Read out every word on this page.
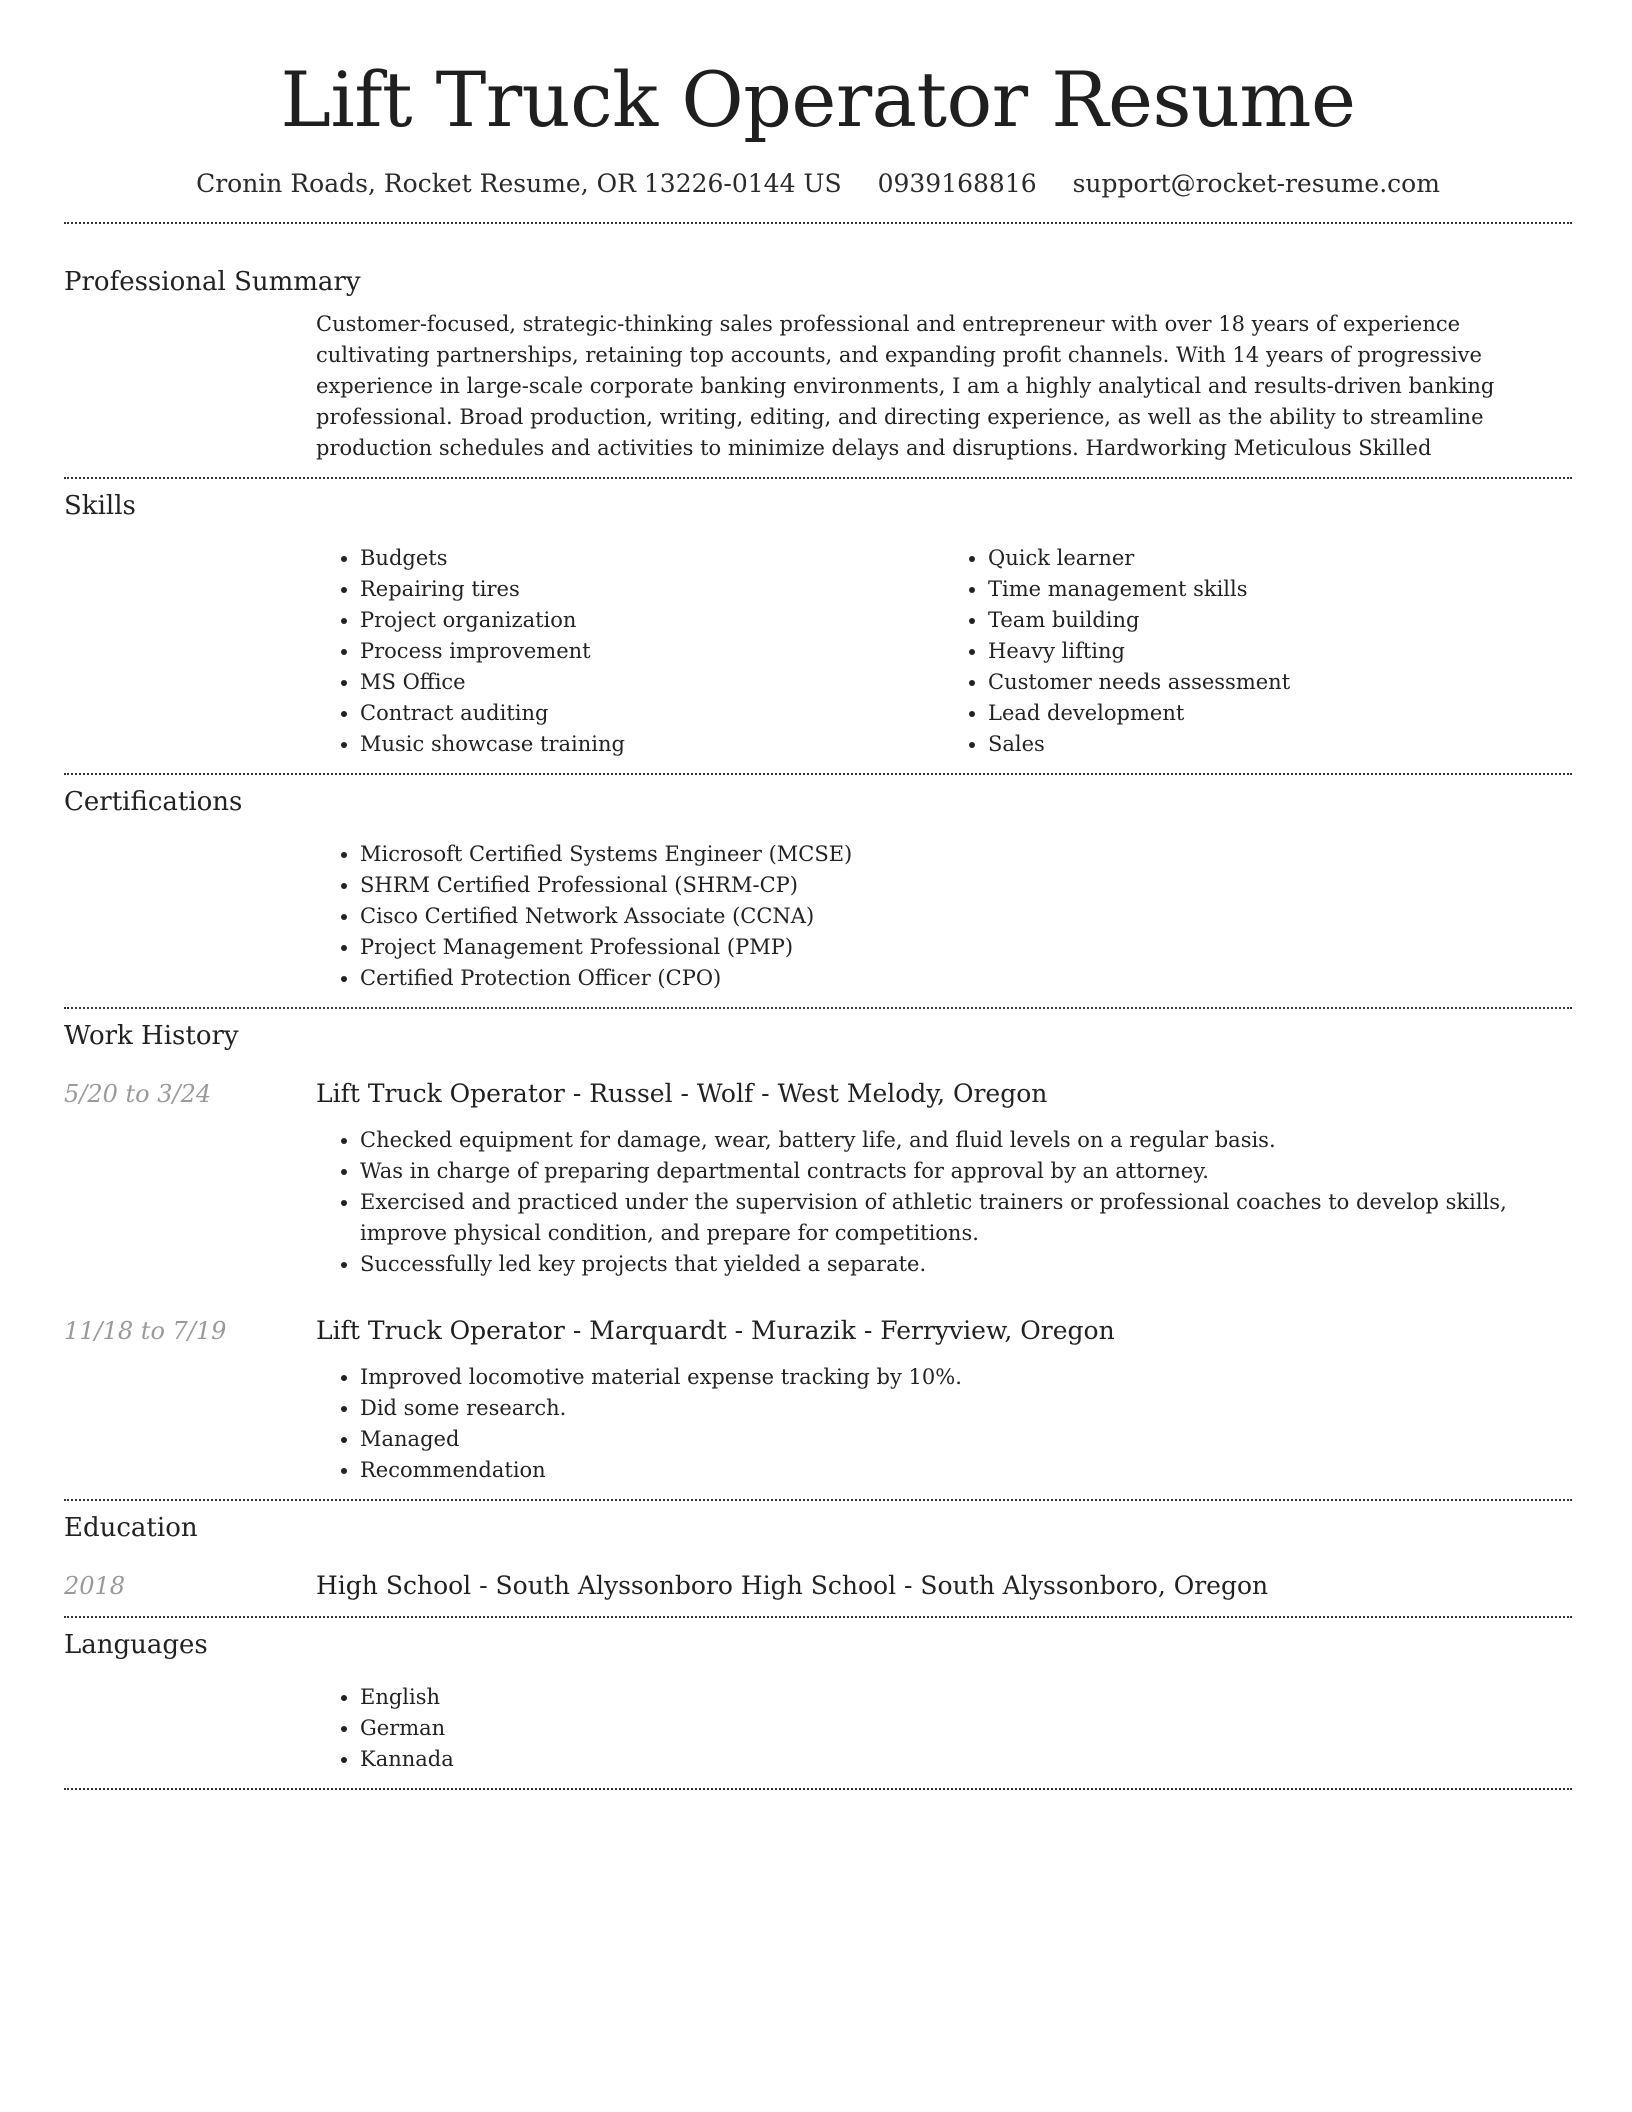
Lift Truck Operator Resume
Cronin Roads, Rocket Resume, OR 13226-0144 US 0939168816 support@rocket-resume.com
Professional Summary

Customer-focused, strategic-thinking sales professional and entrepreneur with over 18 years of experience cultivating partnerships, retaining top accounts, and expanding profit channels. With 14 years of progressive experience in large-scale corporate banking environments, I am a highly analytical and results-driven banking professional. Broad production, writing, editing, and directing experience, as well as the ability to streamline production schedules and activities to minimize delays and disruptions. Hardworking Meticulous Skilled

Skills
• Budgets
• Repairing tires
• Project organization
• Process improvement
• MS Office
• Contract auditing
• Music showcase training
• Quick learner
• Time management skills
• Team building
• Heavy lifting
• Customer needs assessment
• Lead development
• Sales
Certifications
• Microsoft Certified Systems Engineer (MCSE)
• SHRM Certified Professional (SHRM-CP)
• Cisco Certified Network Associate (CCNA)
• Project Management Professional (PMP)
• Certified Protection Officer (CPO)
Work History
5/20 to 3/24	Lift Truck Operator - Russel - Wolf - West Melody, Oregon
• Checked equipment for damage, wear, battery life, and fluid levels on a regular basis.
• Was in charge of preparing departmental contracts for approval by an attorney.
• Exercised and practiced under the supervision of athletic trainers or professional coaches to develop skills, improve physical condition, and prepare for competitions.
• Successfully led key projects that yielded a separate.
11/18 to 7/19	Lift Truck Operator - Marquardt - Murazik - Ferryview, Oregon
• Improved locomotive material expense tracking by 10%.
• Did some research.
• Managed
• Recommendation
Education
2018	High School - South Alyssonboro High School - South Alyssonboro, Oregon
Languages
• English
• German
• Kannada
